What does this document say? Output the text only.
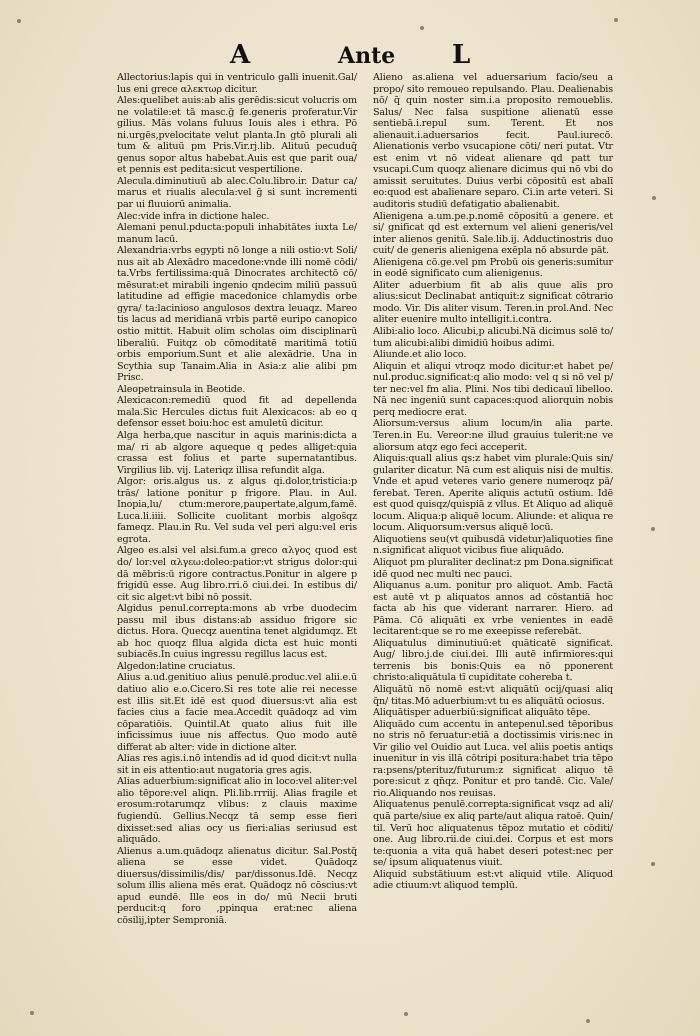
A	Ante L

Allectorius:lapis qui in ventriculo galli inuenit.Gal/ lus eni grece αλεκτωρ dicitur.

Ales:quelibet auis:ab alis gerēdis:sicut volucris om ne volatile:et tā masc.ḡ fe.generis proferatur.Vir gilius. Mās volans fuluus Iouis ales i ethra. Pō ni.urgēs,pvelocitate velut planta.In gtō plurali ali tum & alituū pm Pris.Vir.rj.lib. Alituū pecuduq̄ genus sopor altus habebat.Auis est que parit oua/ et pennis est pedita:sicut vespertilione.

Alecula.diminutiuū ab alec.Colu.libro.ir. Datur ca/ marus et riualis alecula:vel ḡ si sunt incrementi par ui fluuiorū animalia.

Alec:vide infra in dictione halec.

Alemani penul.pducta:populi inhabitātes iuxta Le/ manum lacū.

Alexandria:vrbs egypti nō longe a nili ostio:vt Soli/ nus ait ab Alexādro macedone:vnde illi nomē cōdi/ ta.Vrbs fertilissima:quā Dinocrates architectō cō/ mēsurat:et mirabili ingenio qndecim miliū passuū latitudine ad effigie macedonice chlamydis orbe gyra/ ta:lacinioso angulosos dextra leuaqz. Mareo tis lacus ad meridianā vrbis partē euripo canopico ostio mittit. Habuit olim scholas oim disciplinarū liberaliū. Fuitqz ob cōmoditatē maritimā totiū orbis emporium.Sunt et alie alexādrie. Una in Scythia sup Tanaim.Alia in Asia:z alie alibi pm Prisc.

Aleopetrainsula in Beotide.

Alexicacon:remediū quod fit ad depellenda mala.Sic Hercules dictus fuit Alexicacos: ab eo q defensor esset boiu:hoc est amuletū dicitur.

Alga herba,que nascitur in aquis marinis:dicta a ma/ ri ab algore aqueque q pedes alliget:quia crassa est folius et parte supernatantibus. Virgilius lib. vij. Lateriqz illisa refundit alga.

Algor: oris.algus us. z algus qi.dolor,tristicia:p trās/ latione ponitur p frigore. Plau. in Aul. Inopia,lu/ ctum:merore,paupertate,algum,famē. Luca.li.iiii. Sollicite cuolitant morbis algos̄qz fameqz. Plau.in Ru. Vel suda vel peri algu:vel eris egrota.

Algeo es.alsi vel alsi.fum.a greco αλγος quod est do/ lor:vel αλγεω:doleo:patior:vt strigus dolor:qui dā mēbris:ū rigore contractus.Ponitur in algere p frigidū esse. Aug libro.rri.ō ciui.dei. In estibus di/ cit sic alget:vt bibi nō possit.

Algidus penul.correpta:mons ab vrbe duodecim passu mil ibus distans:ab assiduo frigore sic dictus. Hora. Quecqz auentina tenet algidumqz. Et ab hoc quoqz fllua algida dicta est huic monti subiacēs.In cuius ingressu regillus lacus est.

Algedon:latine cruciatus.

Alius a.ud.genitiuo alius penulē.produc.vel alii.e.ū datiuo alio e.o.Cicero.Si res tote alie rei necesse est illis sit.Et idē est quod diuersus:vt alia est facies cius a facie mea.Accedit quādoqz ad vim cōparatiōis. Quintil.At quato alius fuit ille inficissimus iuue nis affectus. Quo modo autē differat ab alter: vide in dictione alter.

Alias res agis.i.nō intendis ad id quod dicit:vt nulla sit in eis attentio:aut nugatoria gres agis.

Alias aduerbium:significat alio in loco:vel aliter:vel alio tēpore:vel aliqn. Pli.lib.rrriij. Alias fragile et erosum:rotarumqz vlibus: z clauis maxime fugiendū. Gellius.Necqz tā semp esse fieri dixisset:sed alias ocy us fieri:alias seriusud est aliquādo.

Alienus a.um.quādoqz alienatus dicitur. Sal.Postq̄ aliena se esse videt. Quādoqz diuersus/dissimilis/dis/ par/dissonus.Idē. Necqz solum illis aliena mēs erat. Quādoqz nō cōscius:vt apud eundē. Ille eos in do/ mū Necii bruti perducit:q foro ,ppinqua erat:nec aliena cōsilij,ipter Semproniā.

Alieno as.aliena vel aduersarium facio/seu a propo/ sito remoueo repulsando. Plau. Dealienabis nō/ q̄ quin noster sim.i.a proposito remoueblis. Salus/ Nec falsa suspitione alienatū esse sentiebā.i.repul sum. Terent. Et nos alienauit.i.aduersarios fecit. Paul.iurecō. Alienationis verbo vsucapione cōti/ neri putat. Vtr est enim vt nō videat alienare qd patt tur vsucapi.Cum quoqz alienare dicimus qui nō vbi do amissit seruitutes. Duius verbi cōpositū est abalī eo:quod est abalienare separo. Ci.in arte veteri. Si auditoris studiū defatigatio abalienabit.

Alienigena a.um.pe.p.nomē cōpositū a genere. et si/ gnificat qd est externum vel alieni generis/vel inter alienos genitū. Sale.lib.ij. Adductinostris duo cuit/ de generis alienigena exēpla nō absurde pāt.

Alienigena cō.ge.vel pm Probū ois generis:sumitur in eodē significato cum alienigenus.

Aliter aduerbium fit ab alis quue alis pro alius:sicut Declinabat antiquit:z significat cōtrario modo. Vir. Dis aliter visum. Teren.in prol.And. Nec aliter euenire multo intelligit.i.contra.

Alibi:alio loco. Alicubi,p alicubi.Nā dicimus solē to/ tum alicubi:alibi dimidiū hoibus adimi.

Aliunde.et alio loco.

Aliquin et aliqui vtroqz modo dicitur:et habet pe/ nul.produc.significat:q alio modo: vel q si nō vel p/ ter nec:vel fm alia. Plini. Nos tibi dedicauī libelloo. Nā nec ingeniū sunt capaces:quod aliorquin nobis perq mediocre erat.

Aliorsum:versus alium locum/in alia parte. Teren.in Eu. Vereor:ne illud grauius tulerit:ne ve aliorsum atqz ego feci acceperit.

Aliquis:quall alius qs:z habet vim plurale:Quis sin/ gulariter dicatur. Nā cum est aliquis nisi de multis. Vnde et apud veteres vario genere numeroqz pā/ ferebat. Teren. Aperite aliquis actutū ostium. Idē est quod quisqz/quispiā z vllus. Et Aliquo ad aliquē locum. Aliqua:p aliquē locum. Aliunde: et aliqua re locum. Aliquorsum:versus aliquē locū.

Aliquotiens seu(vt quibusdā videtur)aliquoties fine n.significat aliquot vicibus fiue aliquādo.

Aliquot pm pluraliter declinat:z pm Dona.significat idē quod nec multi nec pauci.

Aliquanus a.um. ponitur pro aliquot. Amb. Factā est autē vt p aliquatos annos ad cōstantiā hoc facta ab his que viderant narrarer. Hiero. ad Pāma. Cō aliquāti ex vrbe venientes in eadē lecitarent:que se ro me exeepisse referebāt.

Aliquatulus diminutiuū:et quāticatē significat. Aug/ libro.j.de ciui.dei. Illi autē infirmiores:qui terrenis bis bonis:Quis ea nō pponerent christo:aliquātula tī cupiditate cohereba t.

Aliquātū nō nomē est:vt aliquātū ocij/quasi aliq q̄n/ titas.Mō aduerbium:vt tu es aliquātū ociosus.

Aliquātisper aduerbiū:significat aliquāto tēpe.

Aliquādo cum accentu in antepenul.sed tēporibus no stris nō feruatur:etiā a doctissimis viris:nec in Vir gilio vel Ouidio aut Luca. vel aliis poetis antiqs inuenitur in vis illā cōtripi positura:habet tria tēpo ra:psens/pterituz/futurum:z significat aliquo tē pore:sicut z qn̄qz. Ponitur et pro tandē. Cic. Vale/ rio.Aliquando nos reuisas.

Aliquatenus penulē.correpta:significat vsqz ad ali/ quā parte/siue ex aliq parte/aut aliqua ratoē. Quin/ til. Verū hoc aliquatenus tēpoz mutatio et cōditi/ one. Aug libro.rii.de ciui.dei. Corpus et est mors te:quonia a vita quā habet deseri potest:nec per se/ ipsum aliquatenus viuit.

Aliquid substātiuum est:vt aliquid vtile. Aliquod adie ctiuum:vt aliquod templū.
